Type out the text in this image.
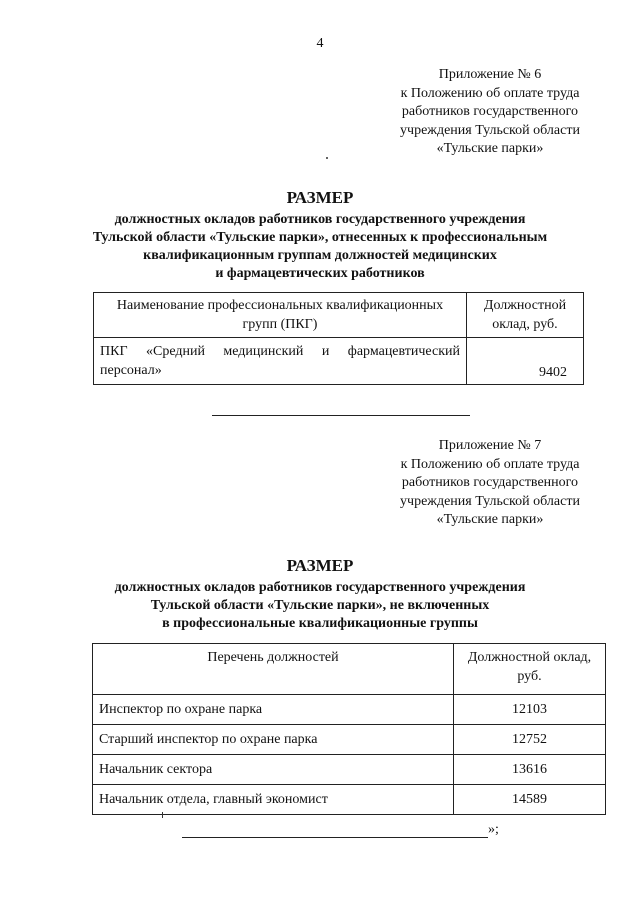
4
Приложение № 6
к Положению об оплате труда
работников государственного
учреждения Тульской области
«Тульские парки»
РАЗМЕР
должностных окладов работников государственного учреждения
Тульской области «Тульские парки», отнесенных к профессиональным
квалификационным группам должностей медицинских
и фармацевтических работников
Наименование профессиональных квалификационных групп (ПКГ)	Должностной оклад, руб.
ПКГ «Средний медицинский и фармацевтический персонал»	9402
Приложение № 7
к Положению об оплате труда
работников государственного
учреждения Тульской области
«Тульские парки»
РАЗМЕР
должностных окладов работников государственного учреждения
Тульской области «Тульские парки», не включенных
в профессиональные квалификационные группы
Перечень должностей	Должностной оклад, руб.
Инспектор по охране парка	12103
Старший инспектор по охране парка	12752
Начальник сектора	13616
Начальник отдела, главный экономист	14589
»;
